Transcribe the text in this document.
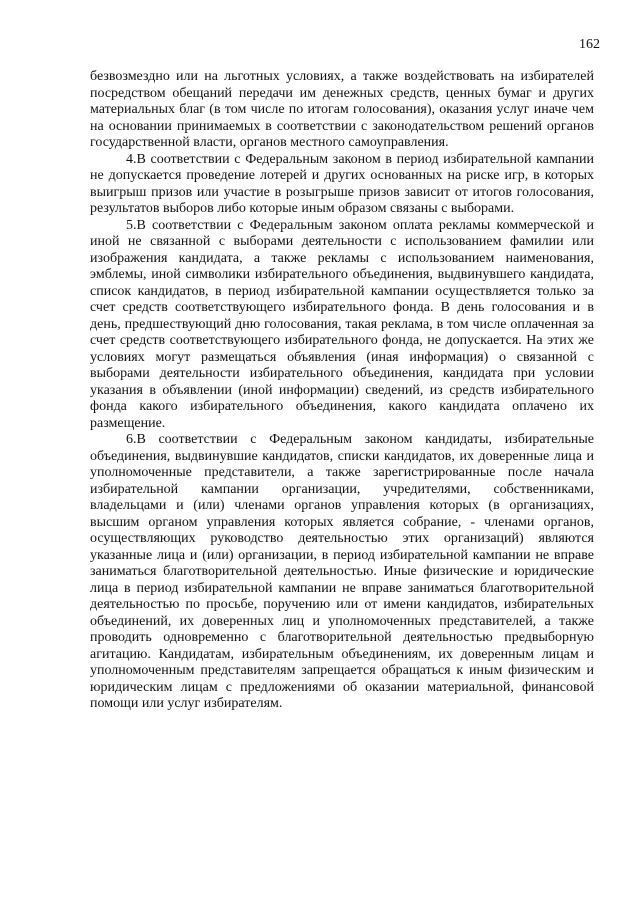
162

безвозмездно или на льготных условиях, а также воздействовать на избирателей посредством обещаний передачи им денежных средств, ценных бумаг и других материальных благ (в том числе по итогам голосования), оказания услуг иначе чем на основании принимаемых в соответствии с законодательством решений органов государственной власти, органов местного самоуправления.

4.В соответствии с Федеральным законом в период избирательной кампании не допускается проведение лотерей и других основанных на риске игр, в которых выигрыш призов или участие в розыгрыше призов зависит от итогов голосования, результатов выборов либо которые иным образом связаны с выборами.

5.В соответствии с Федеральным законом оплата рекламы коммерческой и иной не связанной с выборами деятельности с использованием фамилии или изображения кандидата, а также рекламы с использованием наименования, эмблемы, иной символики избирательного объединения, выдвинувшего кандидата, список кандидатов, в период избирательной кампании осуществляется только за счет средств соответствующего избирательного фонда. В день голосования и в день, предшествующий дню голосования, такая реклама, в том числе оплаченная за счет средств соответствующего избирательного фонда, не допускается. На этих же условиях могут размещаться объявления (иная информация) о связанной с выборами деятельности избирательного объединения, кандидата при условии указания в объявлении (иной информации) сведений, из средств избирательного фонда какого избирательного объединения, какого кандидата оплачено их размещение.

6.В соответствии с Федеральным законом кандидаты, избирательные объединения, выдвинувшие кандидатов, списки кандидатов, их доверенные лица и уполномоченные представители, а также зарегистрированные после начала избирательной кампании организации, учредителями, собственниками, владельцами и (или) членами органов управления которых (в организациях, высшим органом управления которых является собрание, - членами органов, осуществляющих руководство деятельностью этих организаций) являются указанные лица и (или) организации, в период избирательной кампании не вправе заниматься благотворительной деятельностью. Иные физические и юридические лица в период избирательной кампании не вправе заниматься благотворительной деятельностью по просьбе, поручению или от имени кандидатов, избирательных объединений, их доверенных лиц и уполномоченных представителей, а также проводить одновременно с благотворительной деятельностью предвыборную агитацию. Кандидатам, избирательным объединениям, их доверенным лицам и уполномоченным представителям запрещается обращаться к иным физическим и юридическим лицам с предложениями об оказании материальной, финансовой помощи или услуг избирателям.
